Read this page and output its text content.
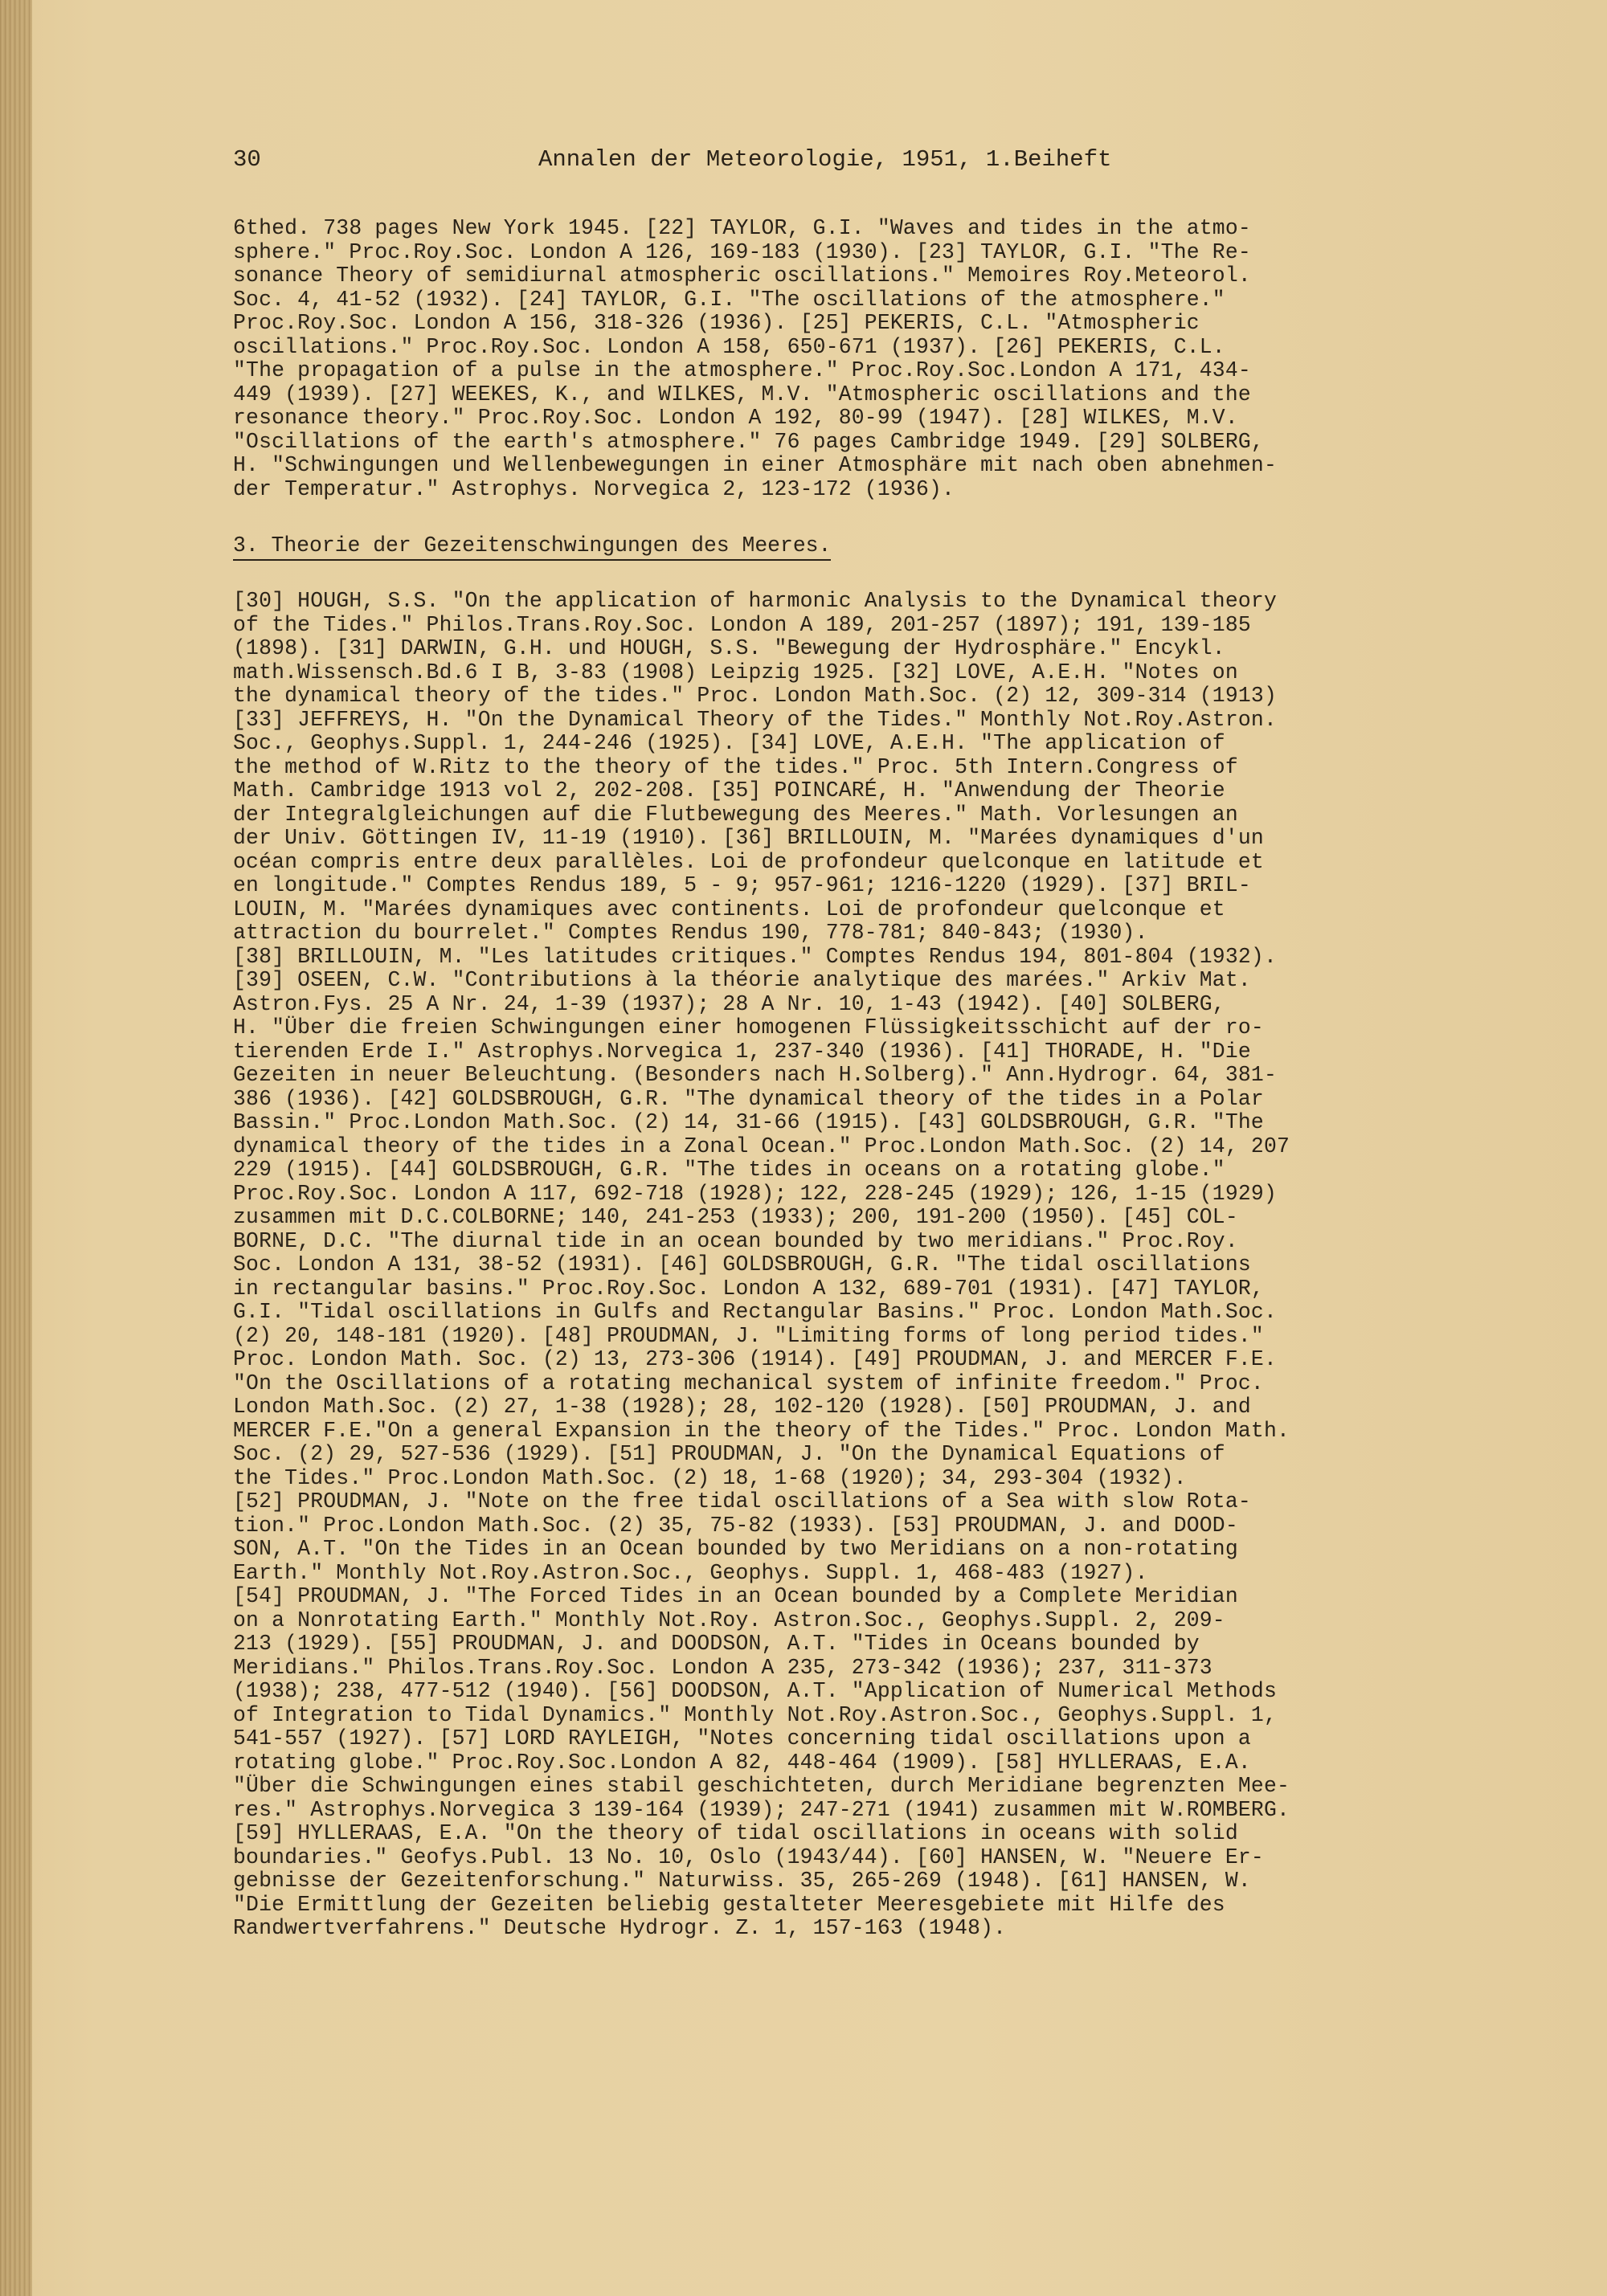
30	Annalen der Meteorologie, 1951, 1.Beiheft
6thed. 738 pages New York 1945. [22] TAYLOR, G.I. "Waves and tides in the atmo-
sphere." Proc.Roy.Soc. London A 126, 169-183 (1930). [23] TAYLOR, G.I. "The Re-
sonance Theory of semidiurnal atmospheric oscillations." Memoires Roy.Meteorol.
Soc. 4, 41-52 (1932). [24] TAYLOR, G.I. "The oscillations of the atmosphere."
Proc.Roy.Soc. London A 156, 318-326 (1936). [25] PEKERIS, C.L. "Atmospheric
oscillations." Proc.Roy.Soc. London A 158, 650-671 (1937). [26] PEKERIS, C.L.
"The propagation of a pulse in the atmosphere." Proc.Roy.Soc.London A 171, 434-
449 (1939). [27] WEEKES, K., and WILKES, M.V. "Atmospheric oscillations and the
resonance theory." Proc.Roy.Soc. London A 192, 80-99 (1947). [28] WILKES, M.V.
"Oscillations of the earth's atmosphere." 76 pages Cambridge 1949. [29] SOLBERG,
H. "Schwingungen und Wellenbewegungen in einer Atmosphäre mit nach oben abnehmen-
der Temperatur." Astrophys. Norvegica 2, 123-172 (1936).
3. Theorie der Gezeitenschwingungen des Meeres.
[30] HOUGH, S.S. "On the application of harmonic Analysis to the Dynamical theory
of the Tides." Philos.Trans.Roy.Soc. London A 189, 201-257 (1897); 191, 139-185
(1898). [31] DARWIN, G.H. und HOUGH, S.S. "Bewegung der Hydrosphäre." Encykl.
math.Wissensch.Bd.6 I B, 3-83 (1908) Leipzig 1925. [32] LOVE, A.E.H. "Notes on
the dynamical theory of the tides." Proc. London Math.Soc. (2) 12, 309-314 (1913)
[33] JEFFREYS, H. "On the Dynamical Theory of the Tides." Monthly Not.Roy.Astron.
Soc., Geophys.Suppl. 1, 244-246 (1925). [34] LOVE, A.E.H. "The application of
the method of W.Ritz to the theory of the tides." Proc. 5th Intern.Congress of
Math. Cambridge 1913 vol 2, 202-208. [35] POINCARÉ, H. "Anwendung der Theorie
der Integralgleichungen auf die Flutbewegung des Meeres." Math. Vorlesungen an
der Univ. Göttingen IV, 11-19 (1910). [36] BRILLOUIN, M. "Marées dynamiques d'un
océan compris entre deux parallèles. Loi de profondeur quelconque en latitude et
en longitude." Comptes Rendus 189, 5 - 9; 957-961; 1216-1220 (1929). [37] BRIL-
LOUIN, M. "Marées dynamiques avec continents. Loi de profondeur quelconque et
attraction du bourrelet." Comptes Rendus 190, 778-781; 840-843; (1930).
[38] BRILLOUIN, M. "Les latitudes critiques." Comptes Rendus 194, 801-804 (1932).
[39] OSEEN, C.W. "Contributions à la théorie analytique des marées." Arkiv Mat.
Astron.Fys. 25 A Nr. 24, 1-39 (1937); 28 A Nr. 10, 1-43 (1942). [40] SOLBERG,
H. "Über die freien Schwingungen einer homogenen Flüssigkeitsschicht auf der ro-
tierenden Erde I." Astrophys.Norvegica 1, 237-340 (1936). [41] THORADE, H. "Die
Gezeiten in neuer Beleuchtung. (Besonders nach H.Solberg)." Ann.Hydrogr. 64, 381-
386 (1936). [42] GOLDSBROUGH, G.R. "The dynamical theory of the tides in a Polar
Bassin." Proc.London Math.Soc. (2) 14, 31-66 (1915). [43] GOLDSBROUGH, G.R. "The
dynamical theory of the tides in a Zonal Ocean." Proc.London Math.Soc. (2) 14, 207
229 (1915). [44] GOLDSBROUGH, G.R. "The tides in oceans on a rotating globe."
Proc.Roy.Soc. London A 117, 692-718 (1928); 122, 228-245 (1929); 126, 1-15 (1929)
zusammen mit D.C.COLBORNE; 140, 241-253 (1933); 200, 191-200 (1950). [45] COL-
BORNE, D.C. "The diurnal tide in an ocean bounded by two meridians." Proc.Roy.
Soc. London A 131, 38-52 (1931). [46] GOLDSBROUGH, G.R. "The tidal oscillations
in rectangular basins." Proc.Roy.Soc. London A 132, 689-701 (1931). [47] TAYLOR,
G.I. "Tidal oscillations in Gulfs and Rectangular Basins." Proc. London Math.Soc.
(2) 20, 148-181 (1920). [48] PROUDMAN, J. "Limiting forms of long period tides."
Proc. London Math. Soc. (2) 13, 273-306 (1914). [49] PROUDMAN, J. and MERCER F.E.
"On the Oscillations of a rotating mechanical system of infinite freedom." Proc.
London Math.Soc. (2) 27, 1-38 (1928); 28, 102-120 (1928). [50] PROUDMAN, J. and
MERCER F.E."On a general Expansion in the theory of the Tides." Proc. London Math.
Soc. (2) 29, 527-536 (1929). [51] PROUDMAN, J. "On the Dynamical Equations of
the Tides." Proc.London Math.Soc. (2) 18, 1-68 (1920); 34, 293-304 (1932).
[52] PROUDMAN, J. "Note on the free tidal oscillations of a Sea with slow Rota-
tion." Proc.London Math.Soc. (2) 35, 75-82 (1933). [53] PROUDMAN, J. and DOOD-
SON, A.T. "On the Tides in an Ocean bounded by two Meridians on a non-rotating
Earth." Monthly Not.Roy.Astron.Soc., Geophys. Suppl. 1, 468-483 (1927).
[54] PROUDMAN, J. "The Forced Tides in an Ocean bounded by a Complete Meridian
on a Nonrotating Earth." Monthly Not.Roy. Astron.Soc., Geophys.Suppl. 2, 209-
213 (1929). [55] PROUDMAN, J. and DOODSON, A.T. "Tides in Oceans bounded by
Meridians." Philos.Trans.Roy.Soc. London A 235, 273-342 (1936); 237, 311-373
(1938); 238, 477-512 (1940). [56] DOODSON, A.T. "Application of Numerical Methods
of Integration to Tidal Dynamics." Monthly Not.Roy.Astron.Soc., Geophys.Suppl. 1,
541-557 (1927). [57] LORD RAYLEIGH, "Notes concerning tidal oscillations upon a
rotating globe." Proc.Roy.Soc.London A 82, 448-464 (1909). [58] HYLLERAAS, E.A.
"Über die Schwingungen eines stabil geschichteten, durch Meridiane begrenzten Mee-
res." Astrophys.Norvegica 3 139-164 (1939); 247-271 (1941) zusammen mit W.ROMBERG.
[59] HYLLERAAS, E.A. "On the theory of tidal oscillations in oceans with solid
boundaries." Geofys.Publ. 13 No. 10, Oslo (1943/44). [60] HANSEN, W. "Neuere Er-
gebnisse der Gezeitenforschung." Naturwiss. 35, 265-269 (1948). [61] HANSEN, W.
"Die Ermittlung der Gezeiten beliebig gestalteter Meeresgebiete mit Hilfe des
Randwertverfahrens." Deutsche Hydrogr. Z. 1, 157-163 (1948).
